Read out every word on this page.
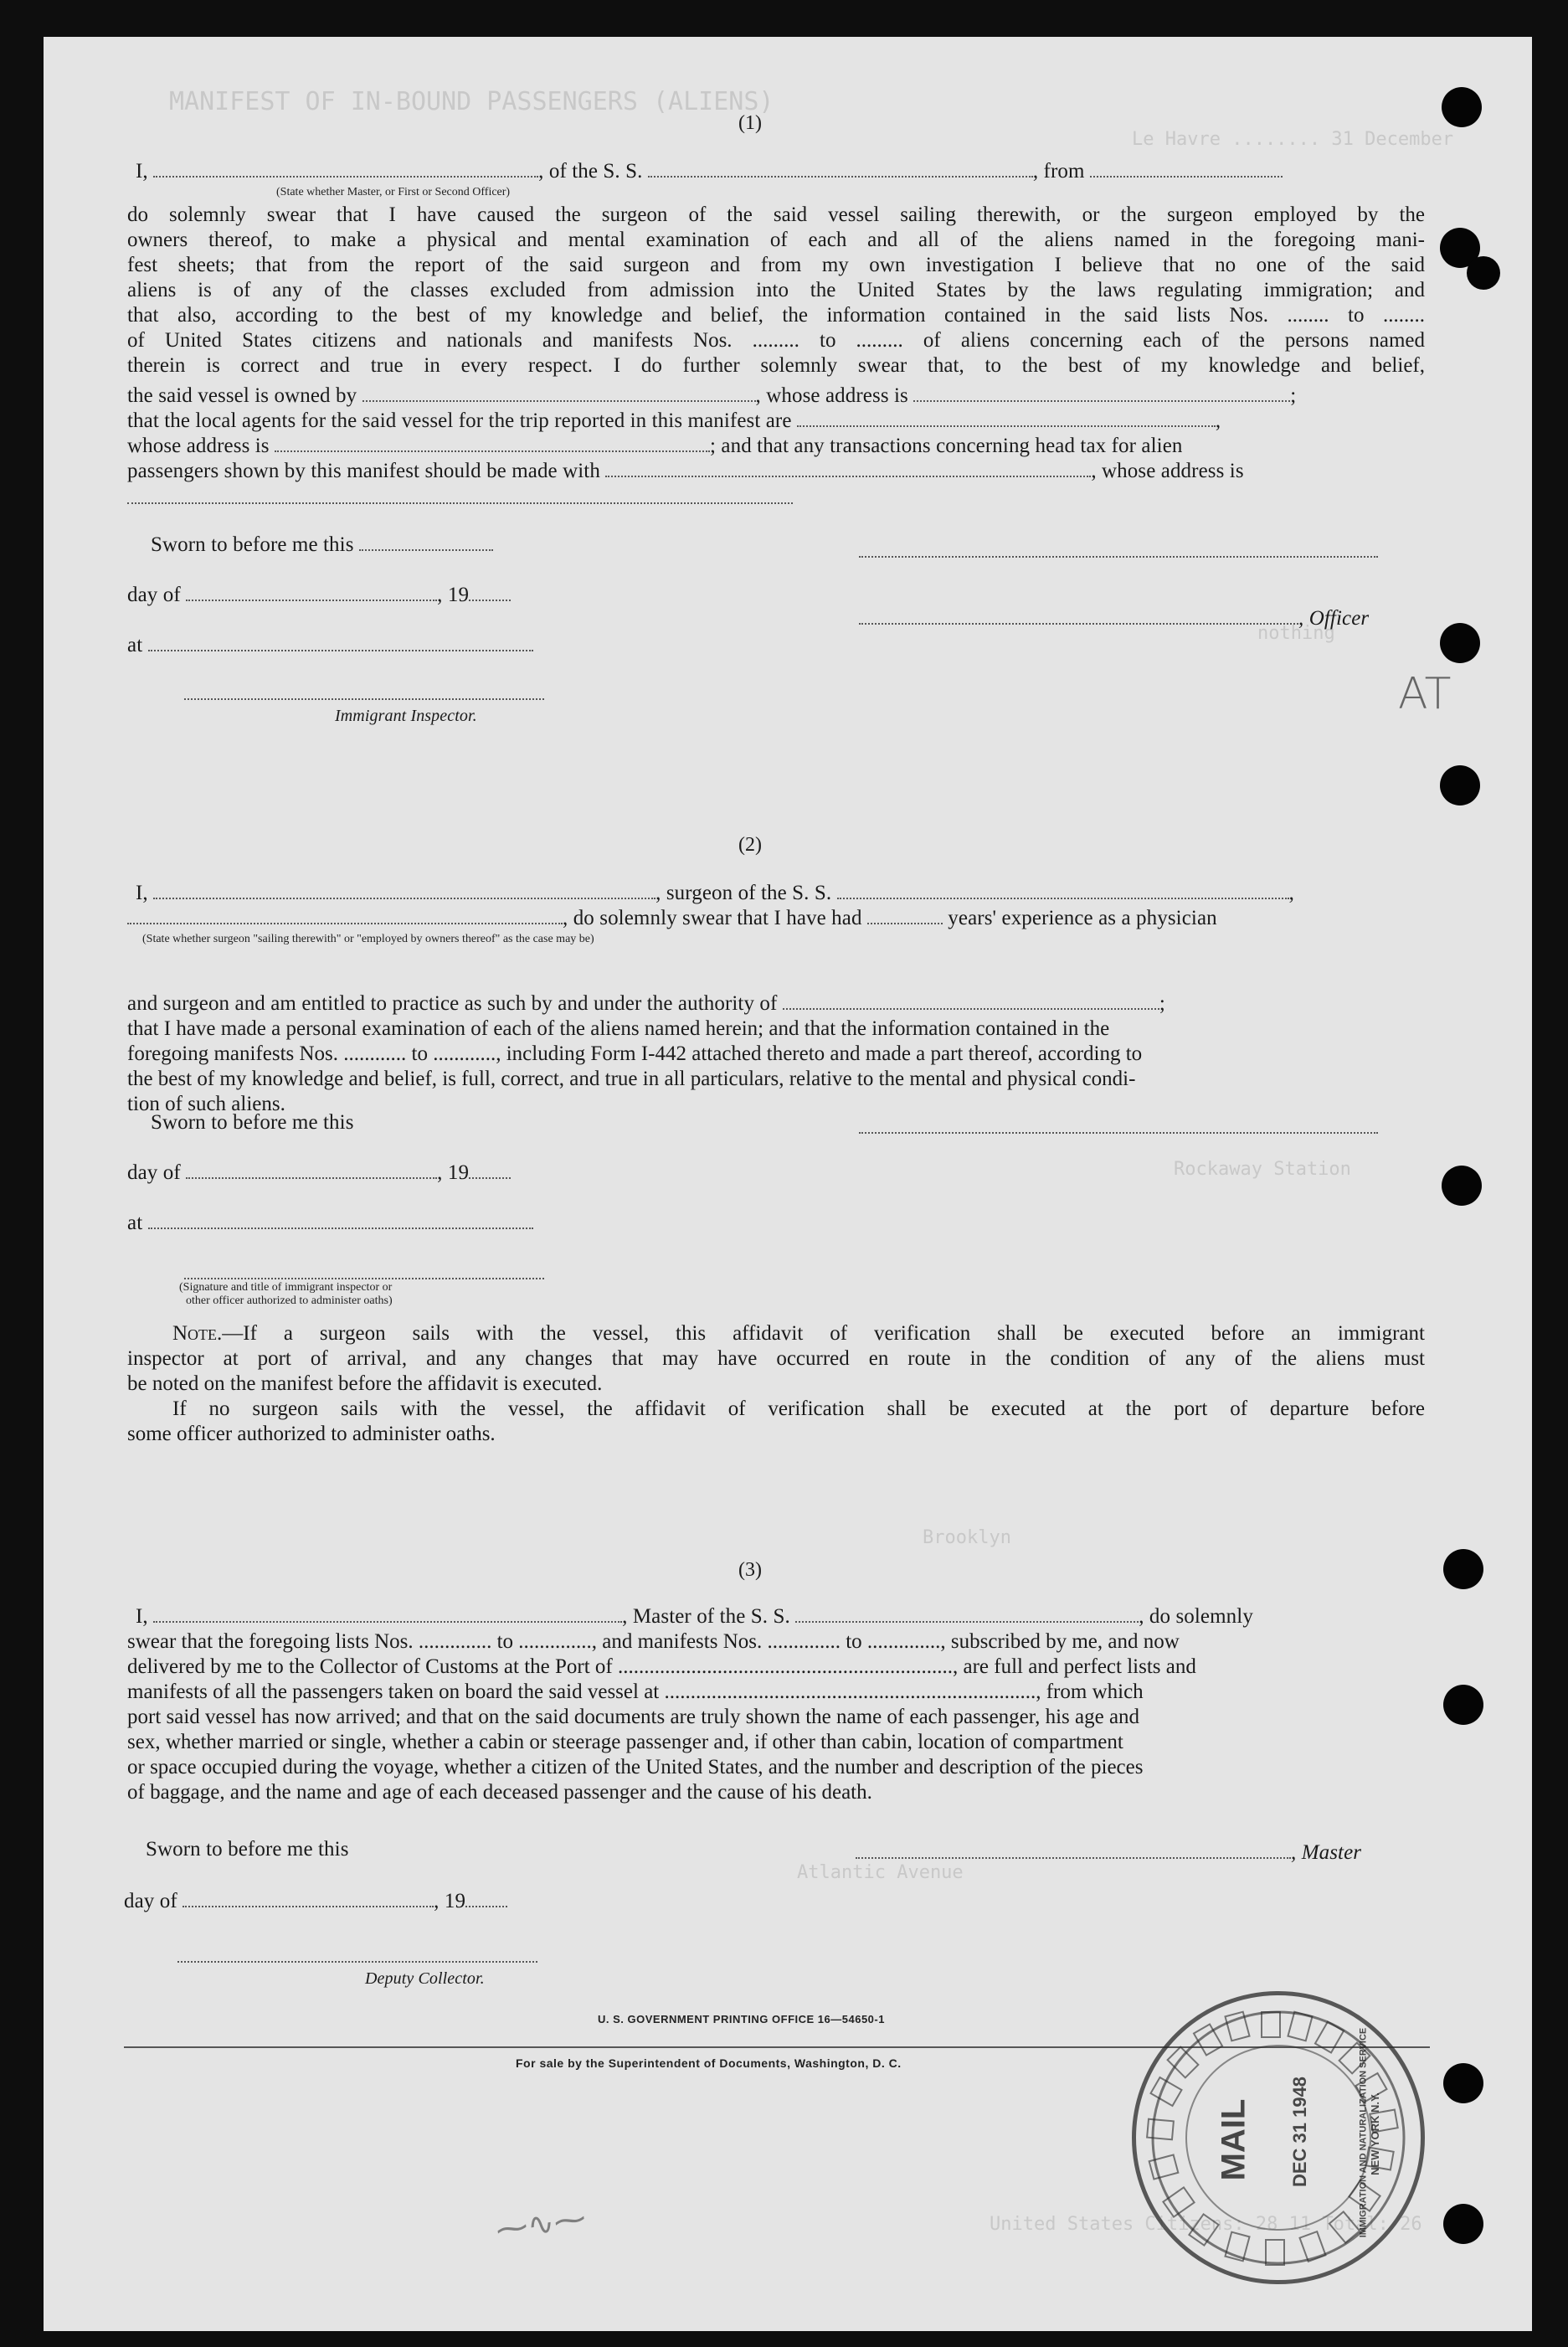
MANIFEST OF IN-BOUND PASSENGERS (ALIENS)
Le Havre ........ 31 December
nothing
Rockaway Station
Brooklyn
Atlantic Avenue
United States Citizens: 28 11 Total: 26
(1)
I,	, of the S. S.	, from
(State whether Master, or First or Second Officer)
do solemnly swear that I have caused the surgeon of the said vessel sailing therewith, or the surgeon employed by the
owners thereof, to make a physical and mental examination of each and all of the aliens named in the foregoing mani-
fest sheets; that from the report of the said surgeon and from my own investigation I believe that no one of the said
aliens is of any of the classes excluded from admission into the United States by the laws regulating immigration; and
that also, according to the best of my knowledge and belief, the information contained in the said lists Nos. ........ to ........
of United States citizens and nationals and manifests Nos. ......... to ......... of aliens concerning each of the persons named
therein is correct and true in every respect. I do further solemnly swear that, to the best of my knowledge and belief,
the said vessel is owned by	, whose address is	;
that the local agents for the said vessel for the trip reported in this manifest are	,
whose address is	; and that any transactions concerning head tax for alien
passengers shown by this manifest should be made with	, whose address is
Sworn to before me this
day of	, 19
at
Immigrant Inspector.
, Officer
AT
(2)
I,	, surgeon of the S. S.	,
, do solemnly swear that I have had	years' experience as a physician
(State whether surgeon "sailing therewith" or "employed by owners thereof" as the case may be)
and surgeon and am entitled to practice as such by and under the authority of	;
that I have made a personal examination of each of the aliens named herein; and that the information contained in the
foregoing manifests Nos. ............ to ............, including Form I-442 attached thereto and made a part thereof, according to
the best of my knowledge and belief, is full, correct, and true in all particulars, relative to the mental and physical condi-
tion of such aliens.
Sworn to before me this
day of	, 19
at
(Signature and title of immigrant inspector or
other officer authorized to administer oaths)
Note.—If a surgeon sails with the vessel, this affidavit of verification shall be executed before an immigrant
inspector at port of arrival, and any changes that may have occurred en route in the condition of any of the aliens must
be noted on the manifest before the affidavit is executed.
If no surgeon sails with the vessel, the affidavit of verification shall be executed at the port of departure before
some officer authorized to administer oaths.
(3)
I,	, Master of the S. S.	, do solemnly
swear that the foregoing lists Nos. .............. to .............., and manifests Nos. .............. to .............., subscribed by me, and now
delivered by me to the Collector of Customs at the Port of ................................................................, are full and perfect lists and
manifests of all the passengers taken on board the said vessel at ......................................................................., from which
port said vessel has now arrived; and that on the said documents are truly shown the name of each passenger, his age and
sex, whether married or single, whether a cabin or steerage passenger and, if other than cabin, location of compartment
or space occupied during the voyage, whether a citizen of the United States, and the number and description of the pieces
of baggage, and the name and age of each deceased passenger and the cause of his death.
Sworn to before me this	, Master
day of	, 19
Deputy Collector.
U. S. GOVERNMENT PRINTING OFFICE 16—54650-1
For sale by the Superintendent of Documents, Washington, D. C.
⁓∿⁓
MAIL DEC 31 1948	IMMIGRATION AND NATURALIZATION SERVICE NEW YORK N.Y.
